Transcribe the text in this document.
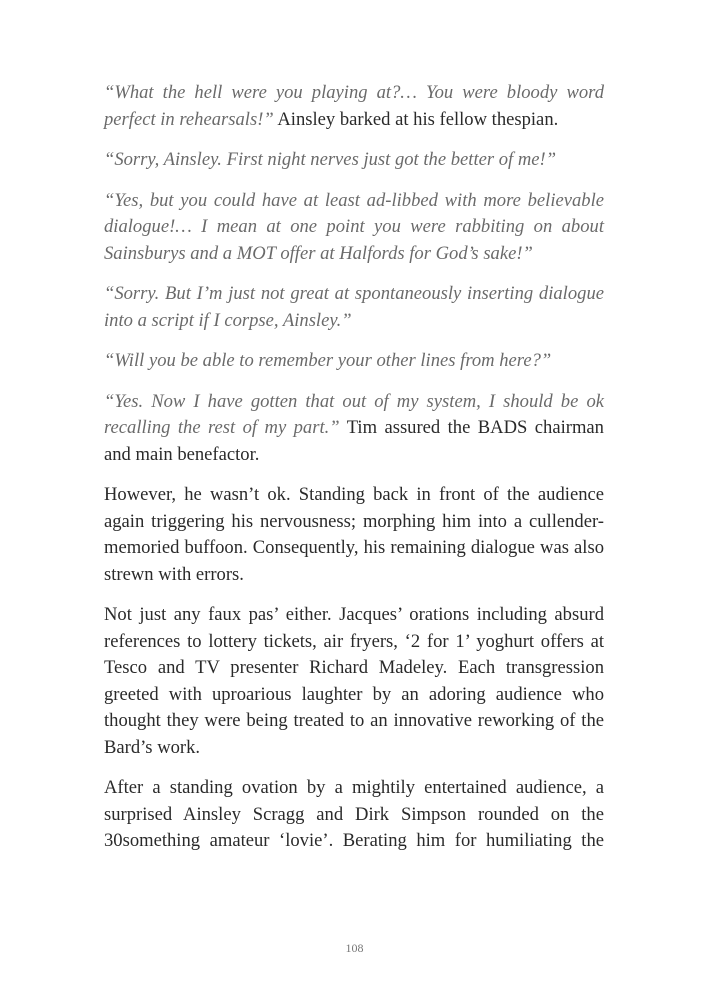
“What the hell were you playing at?… You were bloody word perfect in rehearsals!” Ainsley barked at his fellow thespian.

“Sorry, Ainsley. First night nerves just got the better of me!”

“Yes, but you could have at least ad-libbed with more believable dialogue!… I mean at one point you were rabbiting on about Sainsburys and a MOT offer at Halfords for God’s sake!”

“Sorry. But I’m just not great at spontaneously inserting dialogue into a script if I corpse, Ainsley.”

“Will you be able to remember your other lines from here?”

“Yes. Now I have gotten that out of my system, I should be ok recalling the rest of my part.” Tim assured the BADS chairman and main benefactor.

However, he wasn’t ok. Standing back in front of the audience again triggering his nervousness; morphing him into a cullender-memoried buffoon. Consequently, his remaining dialogue was also strewn with errors.

Not just any faux pas’ either. Jacques’ orations including absurd references to lottery tickets, air fryers, ‘2 for 1’ yoghurt offers at Tesco and TV presenter Richard Madeley. Each transgression greeted with uproarious laughter by an adoring audience who thought they were being treated to an innovative reworking of the Bard’s work.

After a standing ovation by a mightily entertained audience, a surprised Ainsley Scragg and Dirk Simpson rounded on the 30something amateur ‘lovie’. Berating him for humiliating the

108
